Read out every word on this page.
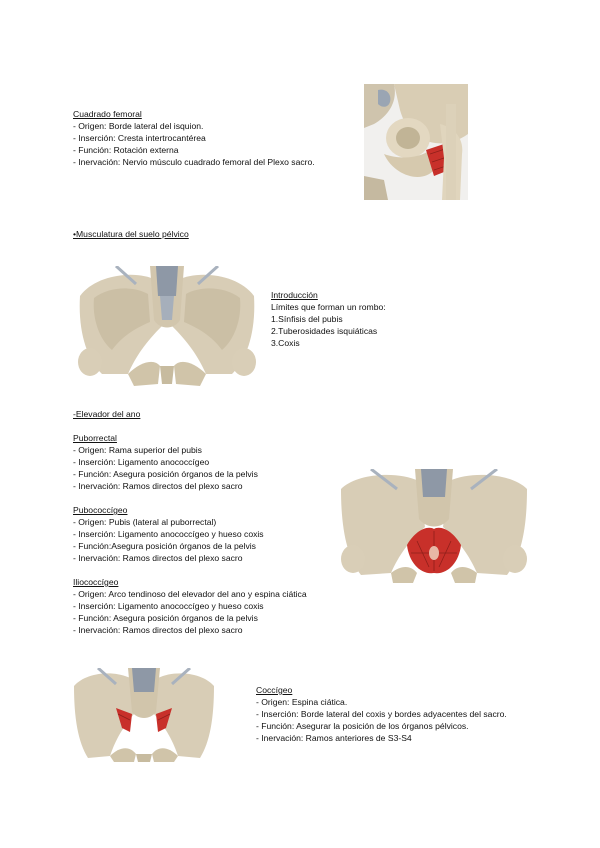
Cuadrado femoral
- Origen: Borde lateral del isquion.
- Inserción: Cresta intertrocantérea
- Función: Rotación externa
- Inervación: Nervio músculo cuadrado femoral del Plexo sacro.
•Musculatura del suelo pélvico
Introducción
Límites que forman un rombo:
1.Sínfisis del pubis
2.Tuberosidades isquiáticas
3.Coxis
-Elevador del ano
Puborrectal
- Origen: Rama superior del pubis
- Inserción: Ligamento anococcígeo
- Función: Asegura posición órganos de la pelvis
- Inervación: Ramos directos del plexo sacro
Pubococcígeo
- Origen: Pubis (lateral al puborrectal)
- Inserción: Ligamento anococcígeo y hueso coxis
- Función:Asegura posición órganos de la pelvis
- Inervación: Ramos directos del plexo sacro
Iliococcígeo
- Origen: Arco tendinoso del elevador del ano y espina ciática
- Inserción: Ligamento anococcígeo y hueso coxis
- Función: Asegura posición órganos de la pelvis
- Inervación: Ramos directos del plexo sacro
Coccígeo
- Origen: Espina ciática.
- Inserción: Borde lateral del coxis y bordes adyacentes del sacro.
- Función: Asegurar la posición de los órganos pélvicos.
- Inervación: Ramos anteriores de S3-S4
